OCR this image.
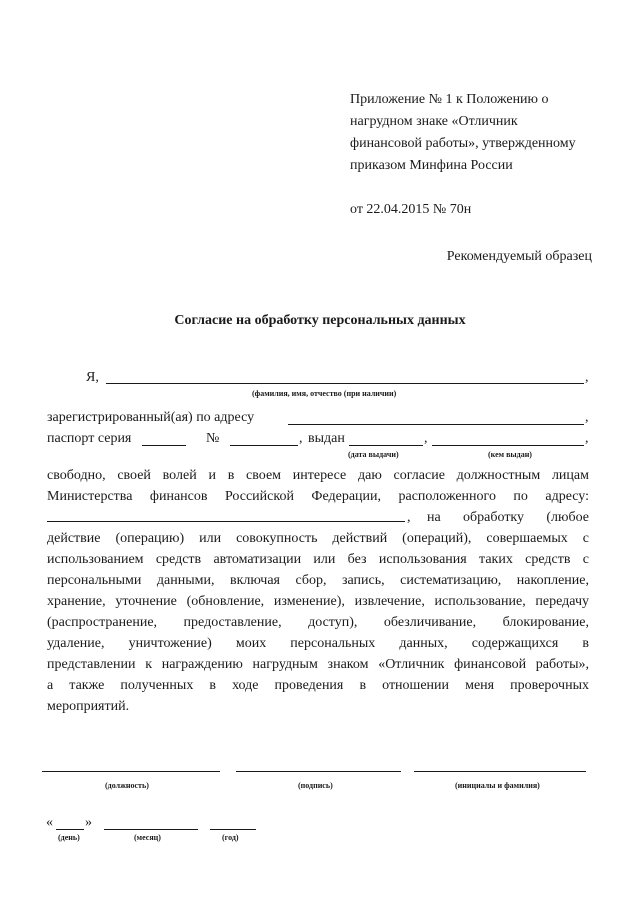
Приложение № 1 к Положению о
нагрудном знаке «Отличник
финансовой работы», утвержденному
приказом Минфина России
от 22.04.2015 № 70н
Рекомендуемый образец
Согласие на обработку персональных данных
Я,	,
(фамилия, имя, отчество (при наличии)
зарегистрированный(ая) по адресу	,
паспорт серия	№	, выдан	,	,
(дата выдачи)	(кем выдан)
свободно, своей волей и в своем интересе даю согласие должностным лицам
Министерства финансов Российской Федерации, расположенного по адресу:
, на обработку (любое
действие (операцию) или совокупность действий (операций), совершаемых с
использованием средств автоматизации или без использования таких средств с
персональными данными, включая сбор, запись, систематизацию, накопление,
хранение, уточнение (обновление, изменение), извлечение, использование, передачу
(распространение, предоставление, доступ), обезличивание, блокирование,
удаление, уничтожение) моих персональных данных, содержащихся в
представлении к награждению нагрудным знаком «Отличник финансовой работы»,
а также полученных в ходе проведения в отношении меня проверочных
мероприятий.
(должность)	(подпись)	(инициалы и фамилия)
« »
(день)	(месяц)	(год)
